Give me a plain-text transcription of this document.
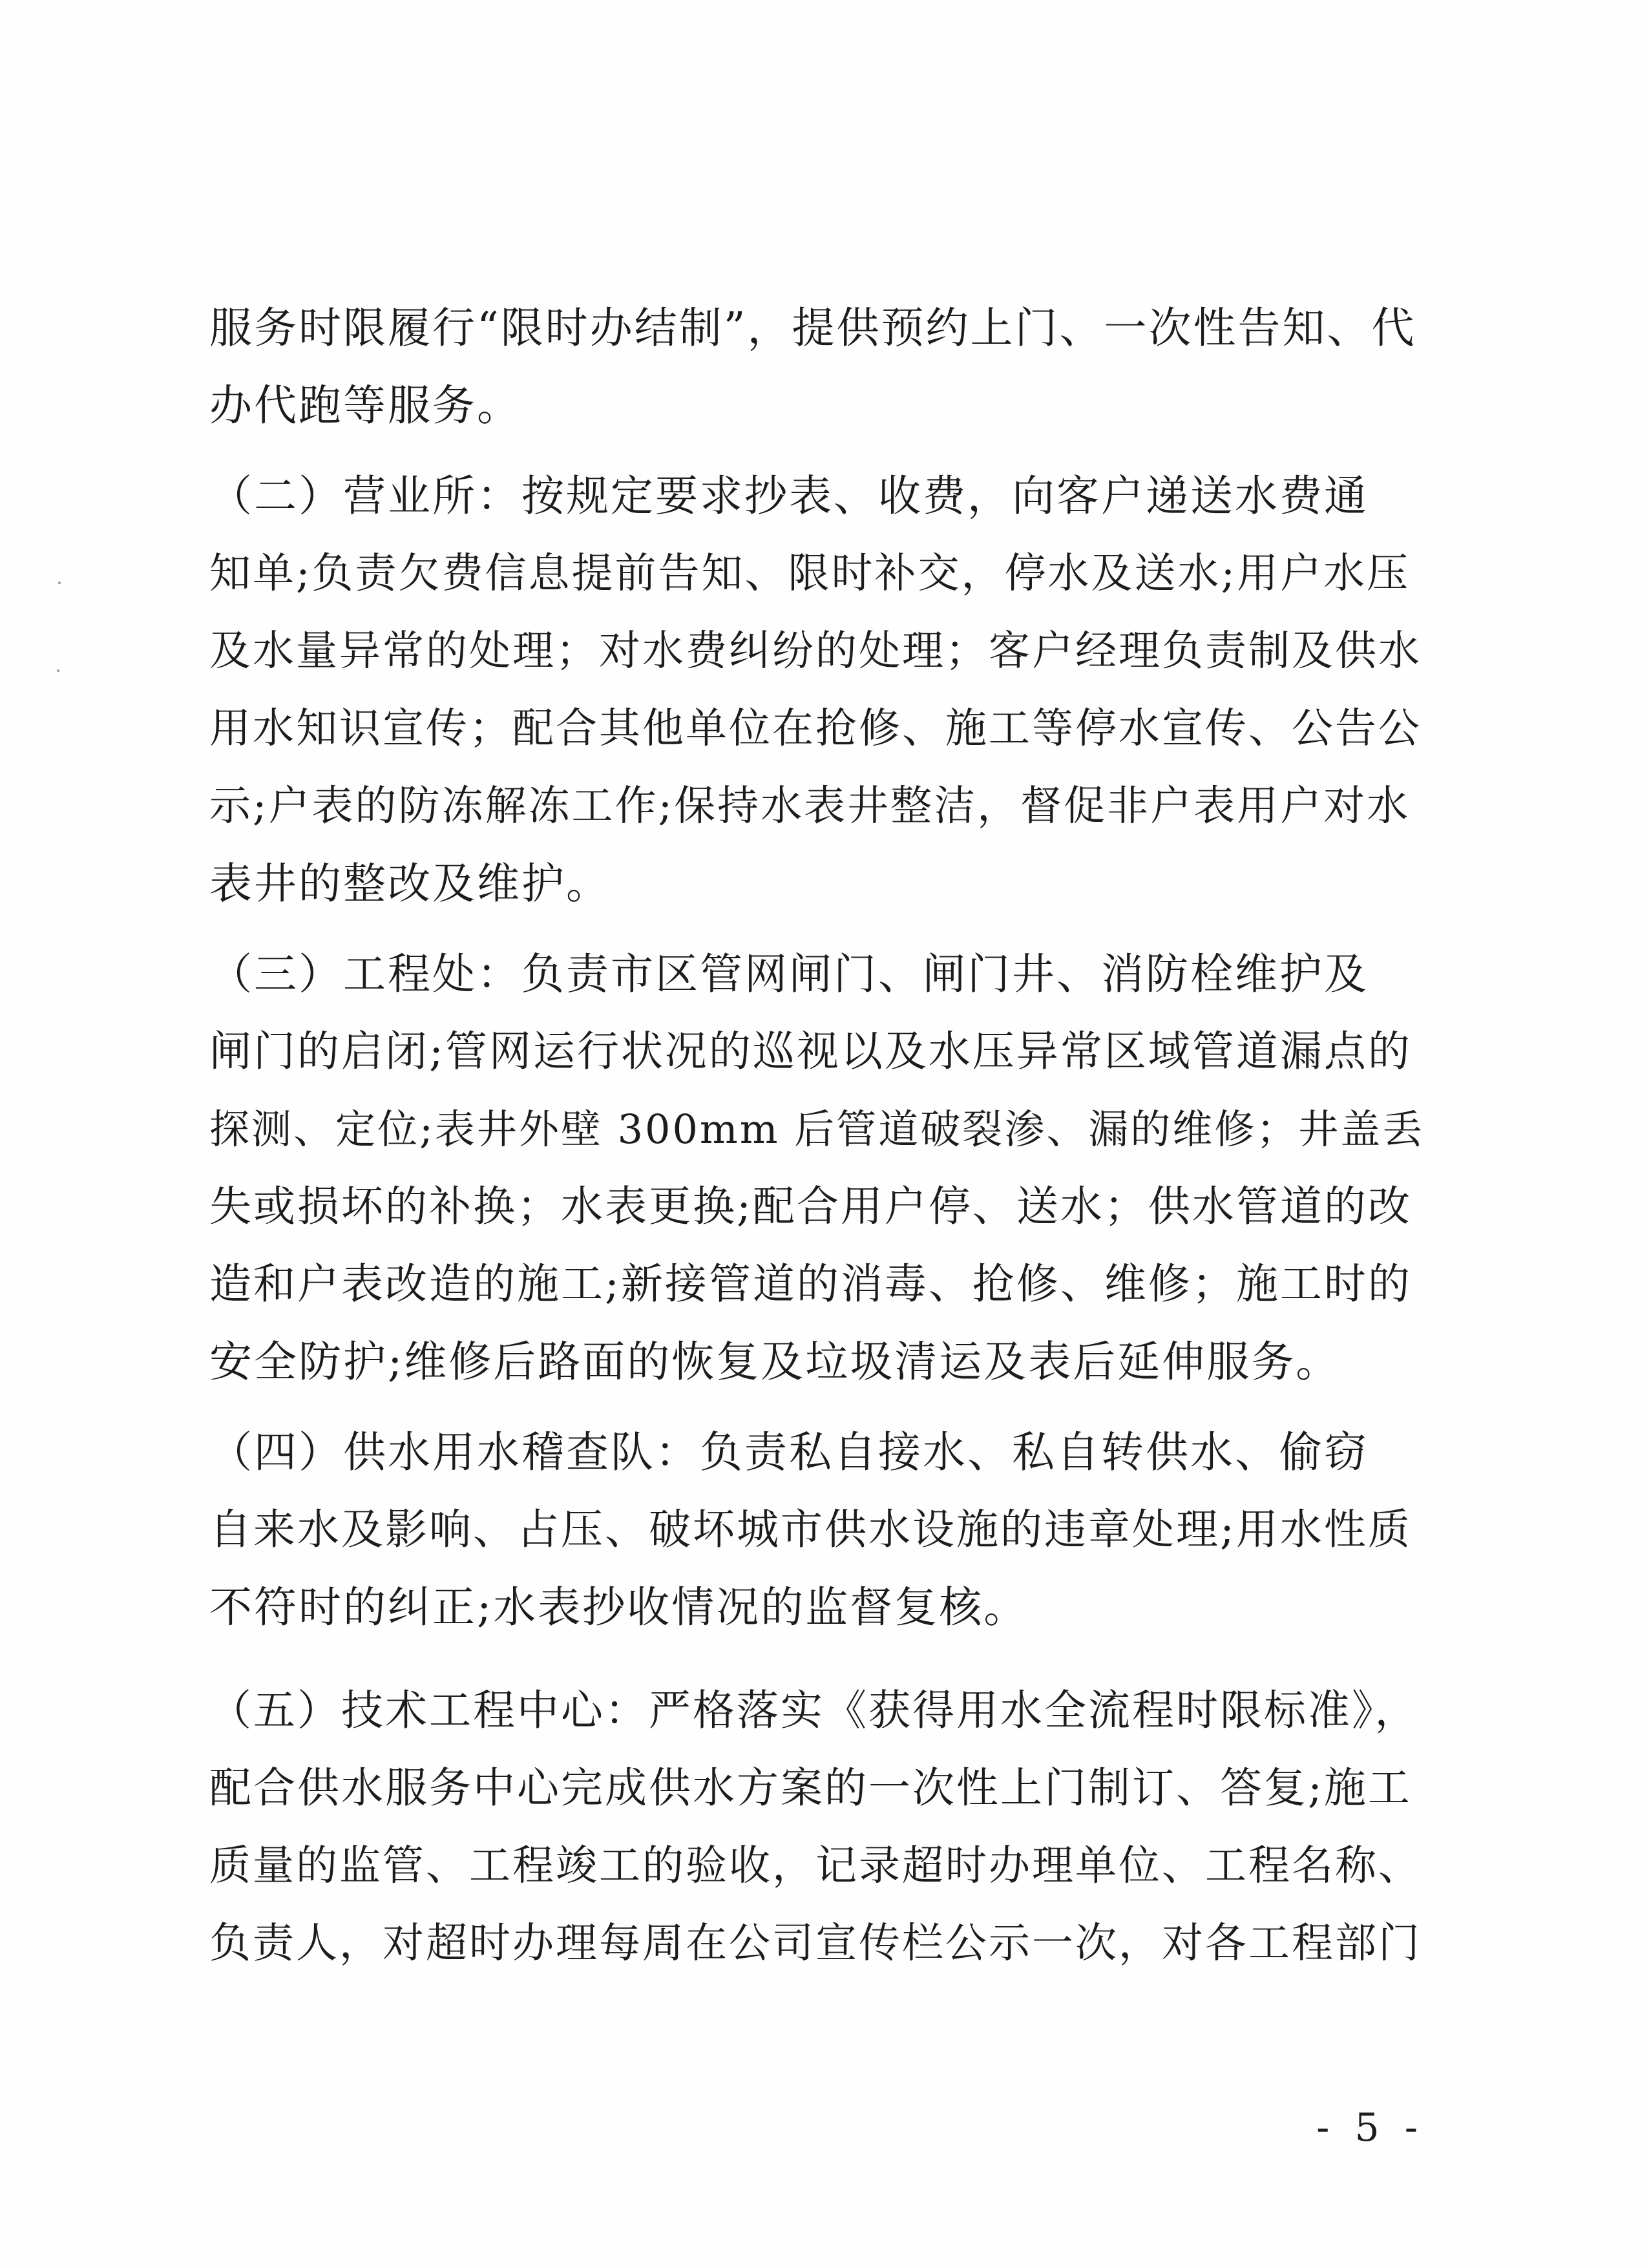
服务时限履行“限时办结制”，提供预约上门、一次性告知、代
办代跑等服务。
（二）营业所：按规定要求抄表、收费，向客户递送水费通
知单;负责欠费信息提前告知、限时补交，停水及送水;用户水压
及水量异常的处理；对水费纠纷的处理；客户经理负责制及供水
用水知识宣传；配合其他单位在抢修、施工等停水宣传、公告公
示;户表的防冻解冻工作;保持水表井整洁，督促非户表用户对水
表井的整改及维护。
（三）工程处：负责市区管网闸门、闸门井、消防栓维护及
闸门的启闭;管网运行状况的巡视以及水压异常区域管道漏点的
探测、定位;表井外壁 300mm 后管道破裂渗、漏的维修；井盖丢
失或损坏的补换；水表更换;配合用户停、送水；供水管道的改
造和户表改造的施工;新接管道的消毒、抢修、维修；施工时的
安全防护;维修后路面的恢复及垃圾清运及表后延伸服务。
（四）供水用水稽查队：负责私自接水、私自转供水、偷窃
自来水及影响、占压、破坏城市供水设施的违章处理;用水性质
不符时的纠正;水表抄收情况的监督复核。
（五）技术工程中心：严格落实《获得用水全流程时限标准》，
配合供水服务中心完成供水方案的一次性上门制订、答复;施工
质量的监管、工程竣工的验收，记录超时办理单位、工程名称、
负责人，对超时办理每周在公司宣传栏公示一次，对各工程部门
- 5 -
